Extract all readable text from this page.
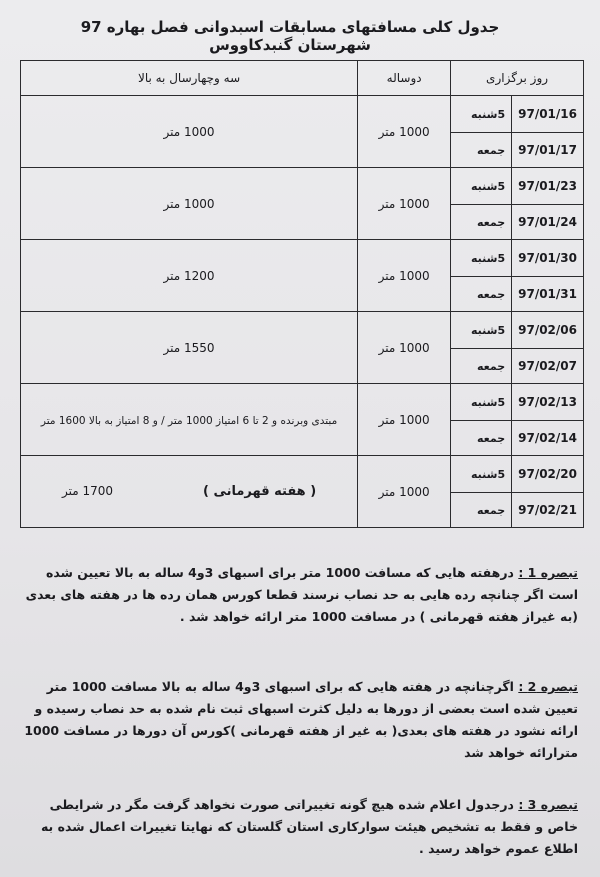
جدول کلی مسافتهای مسابقات اسبدوانی فصل بهاره 97 شهرستان گنبدکاووس
روز برگزاری		دوساله	سه وچهارسال به بالا
97/01/16	5شنبه	1000 متر	1000 متر
97/01/17	جمعه		
97/01/23	5شنبه	1000 متر	1000 متر
97/01/24	جمعه		
97/01/30	5شنبه	1000 متر	1200 متر
97/01/31	جمعه		
97/02/06	5شنبه	1000 متر	1550 متر
97/02/07	جمعه		
97/02/13	5شنبه	1000 متر	مبتدی وبرنده و 2 تا 6 امتیاز 1000 متر / و 8 امتیاز به بالا 1600 متر
97/02/14	جمعه		
97/02/20	5شنبه	1000 متر	( هفته قهرمانی )1700 متر
97/02/21	جمعه		
تبصره 1 : درهفته هایی که مسافت 1000 متر برای اسبهای 3و4 ساله به بالا تعیین شده است اگر چنانچه رده هایی به حد نصاب نرسند قطعا کورس همان رده ها در هفته های بعدی (به غیراز هفته قهرمانی ) در مسافت 1000 متر ارائه خواهد شد .
تبصره 2 : اگرچنانچه در هفته هایی که برای اسبهای 3و4 ساله به بالا مسافت 1000 متر تعیین شده است بعضی از دورها به دلیل کثرت اسبهای ثبت نام شده به حد نصاب رسیده و ارائه نشود در هفته های بعدی( به غیر از هفته قهرمانی )کورس آن دورها در مسافت 1000 مترارائه خواهد شد
تبصره 3 : درجدول اعلام شده هیچ گونه تغییراتی صورت نخواهد گرفت مگر در شرایطی خاص و فقط به تشخیص هیئت سوارکاری استان گلستان که نهایتا تغییرات اعمال شده به اطلاع عموم خواهد رسید .
